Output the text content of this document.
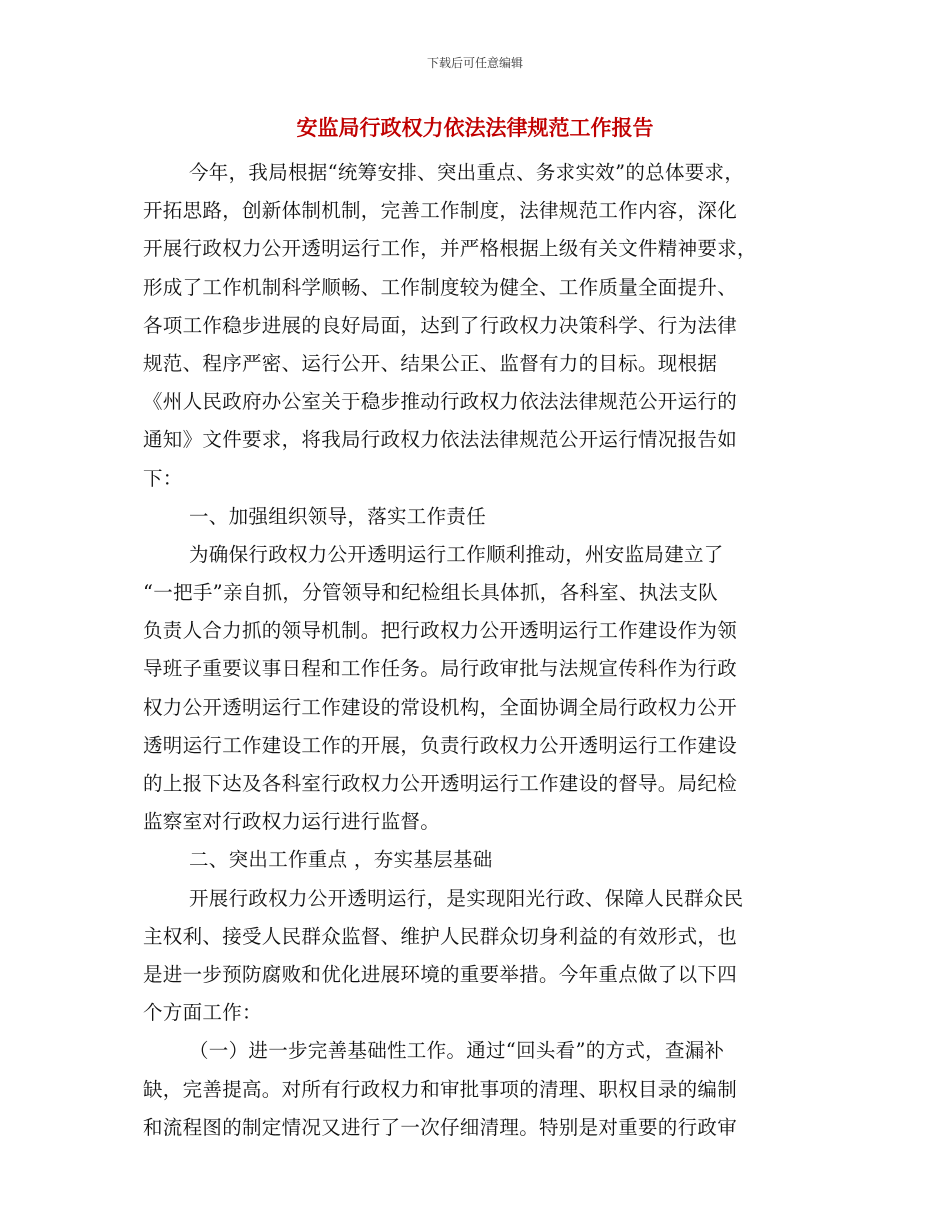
下载后可任意编辑
安监局行政权力依法法律规范工作报告
今年，我局根据“统筹安排、突出重点、务求实效”的总体要求，
开拓思路，创新体制机制，完善工作制度，法律规范工作内容，深化
开展行政权力公开透明运行工作，并严格根据上级有关文件精神要求，
形成了工作机制科学顺畅、工作制度较为健全、工作质量全面提升、
各项工作稳步进展的良好局面，达到了行政权力决策科学、行为法律
规范、程序严密、运行公开、结果公正、监督有力的目标。现根据
《州人民政府办公室关于稳步推动行政权力依法法律规范公开运行的
通知》文件要求，将我局行政权力依法法律规范公开运行情况报告如
下：
一、加强组织领导，落实工作责任
为确保行政权力公开透明运行工作顺利推动，州安监局建立了
“一把手”亲自抓，分管领导和纪检组长具体抓，各科室、执法支队
负责人合力抓的领导机制。把行政权力公开透明运行工作建设作为领
导班子重要议事日程和工作任务。局行政审批与法规宣传科作为行政
权力公开透明运行工作建设的常设机构，全面协调全局行政权力公开
透明运行工作建设工作的开展，负责行政权力公开透明运行工作建设
的上报下达及各科室行政权力公开透明运行工作建设的督导。局纪检
监察室对行政权力运行进行监督。
二、突出工作重点 ，夯实基层基础
开展行政权力公开透明运行，是实现阳光行政、保障人民群众民
主权利、接受人民群众监督、维护人民群众切身利益的有效形式，也
是进一步预防腐败和优化进展环境的重要举措。今年重点做了以下四
个方面工作：
（一）进一步完善基础性工作。通过“回头看”的方式，查漏补
缺，完善提高。对所有行政权力和审批事项的清理、职权目录的编制
和流程图的制定情况又进行了一次仔细清理。特别是对重要的行政审
